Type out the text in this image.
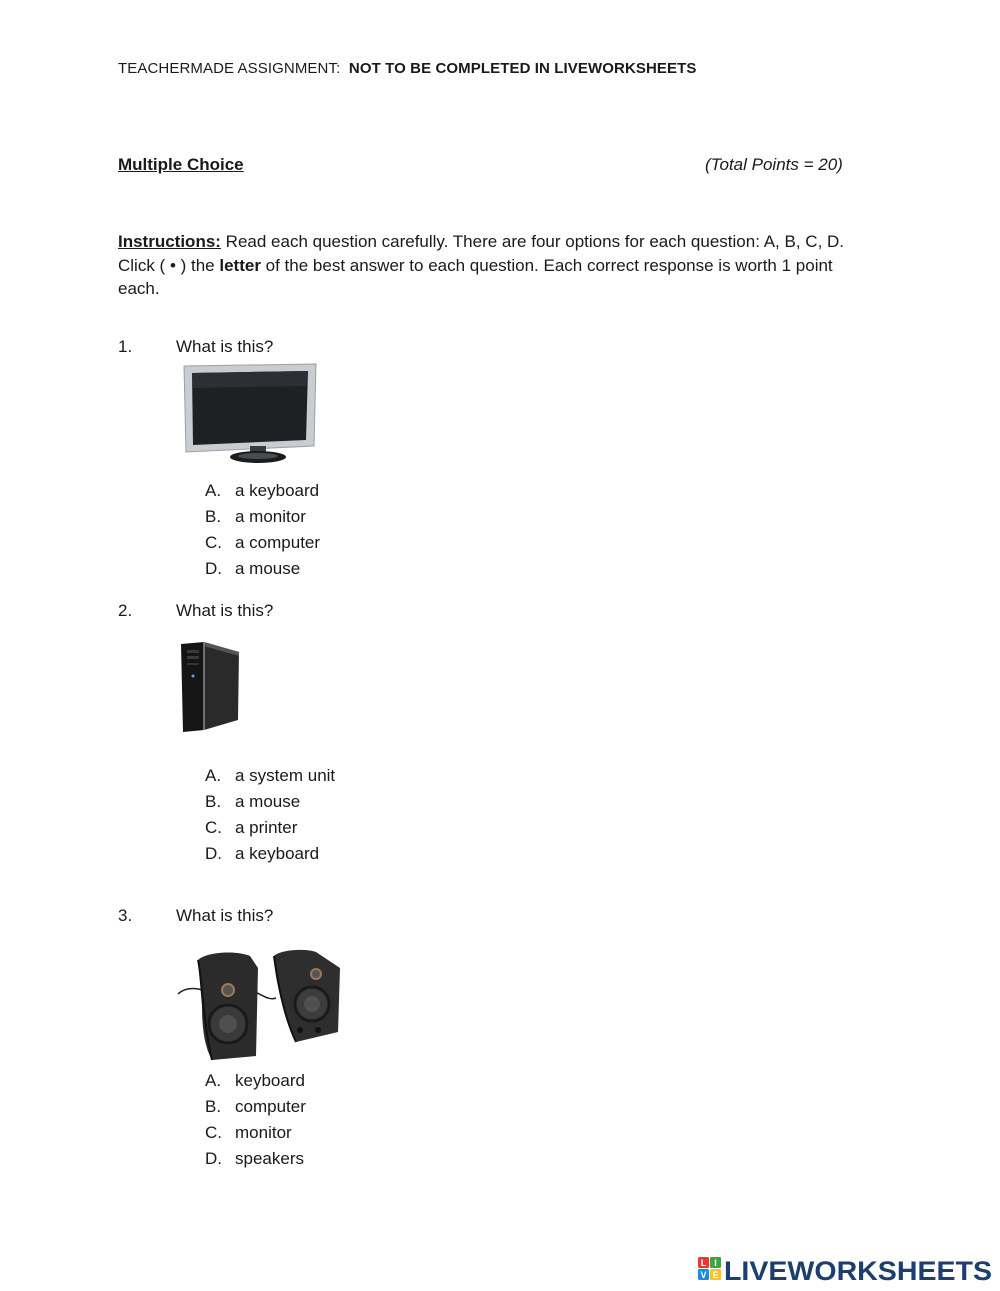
TEACHERMADE ASSIGNMENT: NOT TO BE COMPLETED IN LIVEWORKSHEETS
Multiple Choice	(Total Points = 20)
Instructions: Read each question carefully. There are four options for each question: A, B, C, D. Click ( • ) the letter of the best answer to each question. Each correct response is worth 1 point each.
1.	What is this?
A. a keyboard
B. a monitor
C. a computer
D. a mouse
2.	What is this?
A. a system unit
B. a mouse
C. a printer
D. a keyboard
3.	What is this?
A. keyboard
B. computer
C. monitor
D. speakers
L I
V E LIVEWORKSHEETS
